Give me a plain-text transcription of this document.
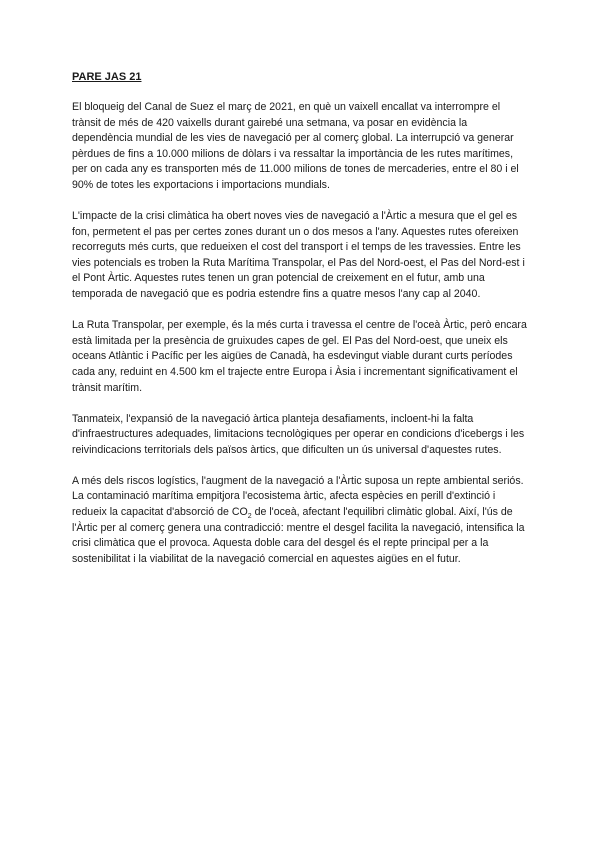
PARE JAS 21

El bloqueig del Canal de Suez el març de 2021, en què un vaixell encallat va interrompre el trànsit de més de 420 vaixells durant gairebé una setmana, va posar en evidència la dependència mundial de les vies de navegació per al comerç global. La interrupció va generar pèrdues de fins a 10.000 milions de dòlars i va ressaltar la importància de les rutes marítimes, per on cada any es transporten més de 11.000 milions de tones de mercaderies, entre el 80 i el 90% de totes les exportacions i importacions mundials.

L'impacte de la crisi climàtica ha obert noves vies de navegació a l'Àrtic a mesura que el gel es fon, permetent el pas per certes zones durant un o dos mesos a l'any. Aquestes rutes ofereixen recorreguts més curts, que redueixen el cost del transport i el temps de les travessies. Entre les vies potencials es troben la Ruta Marítima Transpolar, el Pas del Nord-oest, el Pas del Nord-est i el Pont Àrtic. Aquestes rutes tenen un gran potencial de creixement en el futur, amb una temporada de navegació que es podria estendre fins a quatre mesos l'any cap al 2040.

La Ruta Transpolar, per exemple, és la més curta i travessa el centre de l'oceà Àrtic, però encara està limitada per la presència de gruixudes capes de gel. El Pas del Nord-oest, que uneix els oceans Atlàntic i Pacífic per les aigües de Canadà, ha esdevingut viable durant curts períodes cada any, reduint en 4.500 km el trajecte entre Europa i Àsia i incrementant significativament el trànsit marítim.

Tanmateix, l'expansió de la navegació àrtica planteja desafiaments, incloent-hi la falta d'infraestructures adequades, limitacions tecnològiques per operar en condicions d'icebergs i les reivindicacions territorials dels països àrtics, que dificulten un ús universal d'aquestes rutes.

A més dels riscos logístics, l'augment de la navegació a l'Àrtic suposa un repte ambiental seriós. La contaminació marítima empitjora l'ecosistema àrtic, afecta espècies en perill d'extinció i redueix la capacitat d'absorció de $CO_2$ de l'oceà, afectant l'equilibri climàtic global. Així, l'ús de l'Àrtic per al comerç genera una contradicció: mentre el desgel facilita la navegació, intensifica la crisi climàtica que el provoca. Aquesta doble cara del desgel és el repte principal per a la sostenibilitat i la viabilitat de la navegació comercial en aquestes aigües en el futur.
